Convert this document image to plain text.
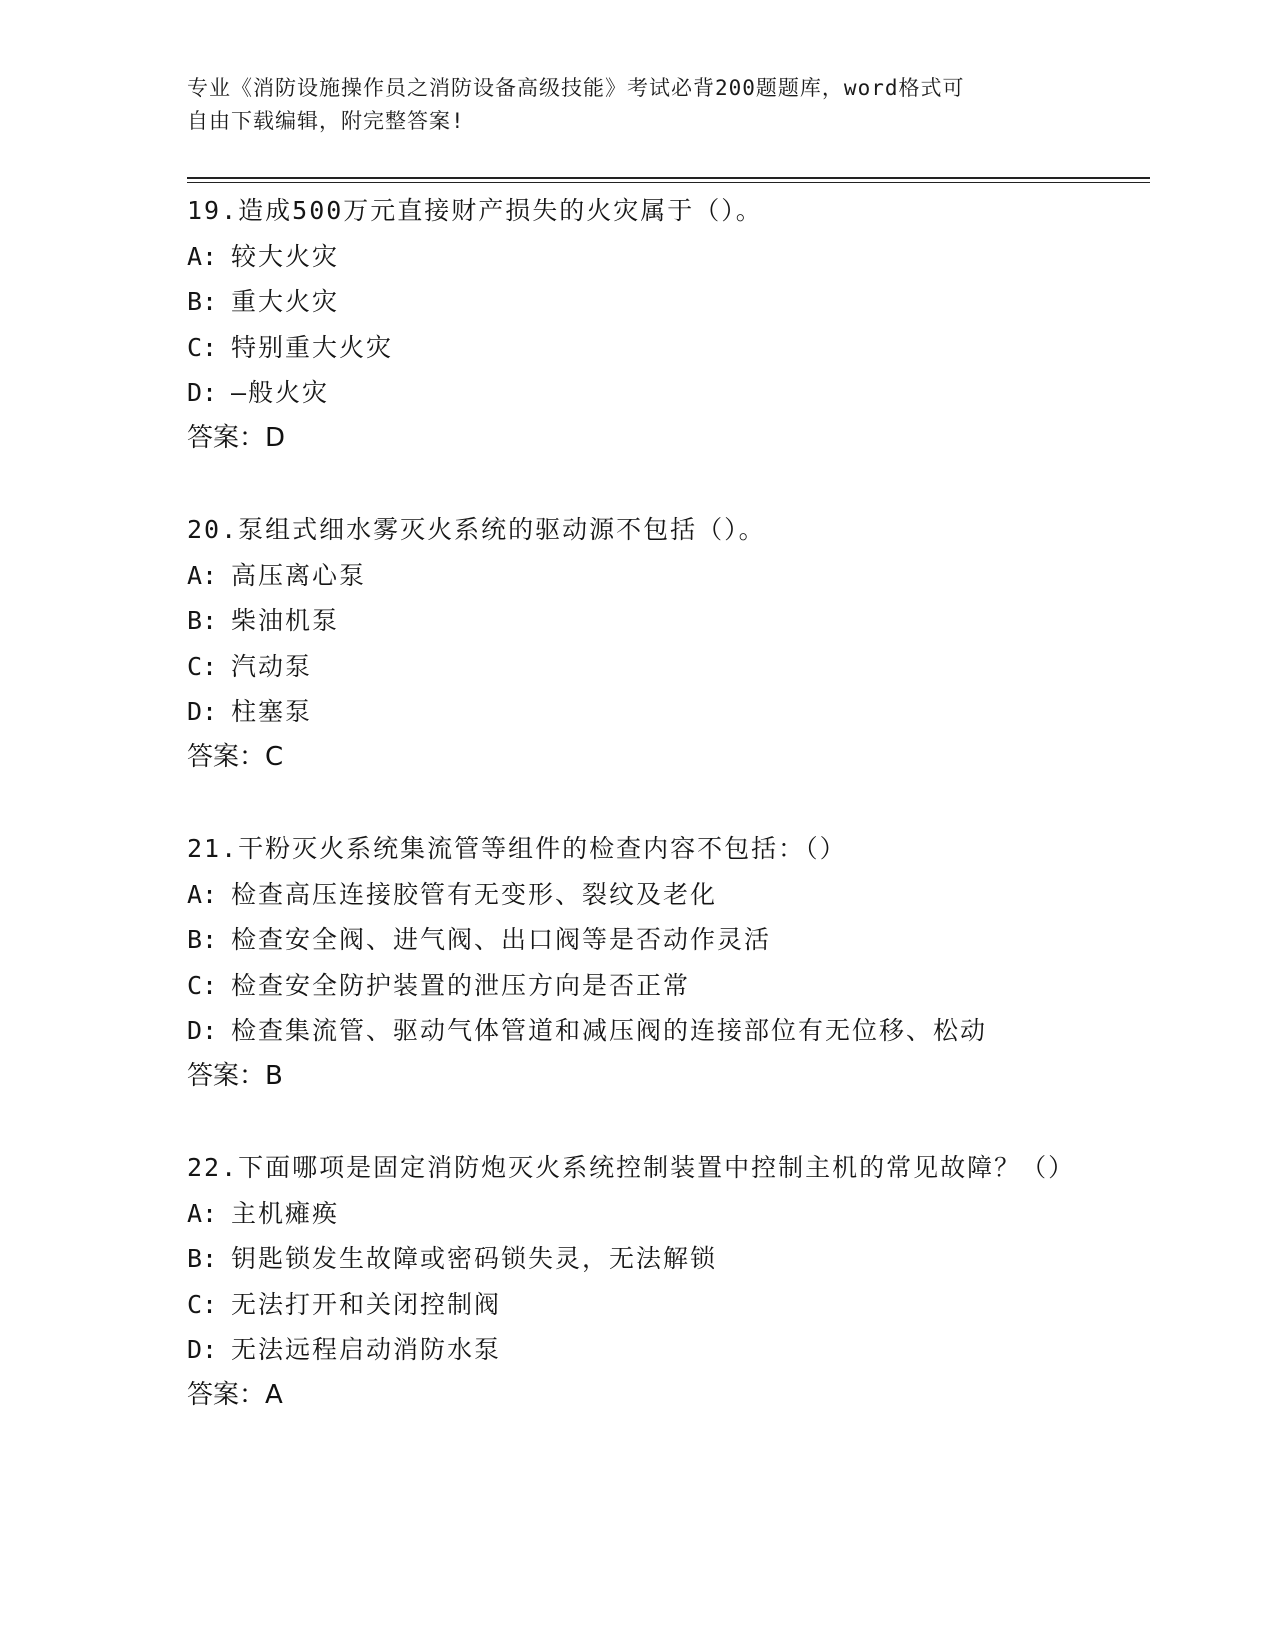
专业《消防设施操作员之消防设备高级技能》考试必背200题题库，word格式可
自由下载编辑，附完整答案!
19.造成500万元直接财产损失的火灾属于（）。
A: 较大火灾
B: 重大火灾
C: 特别重大火灾
D: —般火灾
答案：D
20.泵组式细水雾灭火系统的驱动源不包括（）。
A: 高压离心泵
B: 柴油机泵
C: 汽动泵
D: 柱塞泵
答案：C
21.干粉灭火系统集流管等组件的检查内容不包括：（）
A: 检查高压连接胶管有无变形、裂纹及老化
B: 检查安全阀、进气阀、出口阀等是否动作灵活
C: 检查安全防护装置的泄压方向是否正常
D: 检查集流管、驱动气体管道和减压阀的连接部位有无位移、松动
答案：B
22.下面哪项是固定消防炮灭火系统控制装置中控制主机的常见故障？（）
A: 主机瘫痪
B: 钥匙锁发生故障或密码锁失灵，无法解锁
C: 无法打开和关闭控制阀
D: 无法远程启动消防水泵
答案：A
